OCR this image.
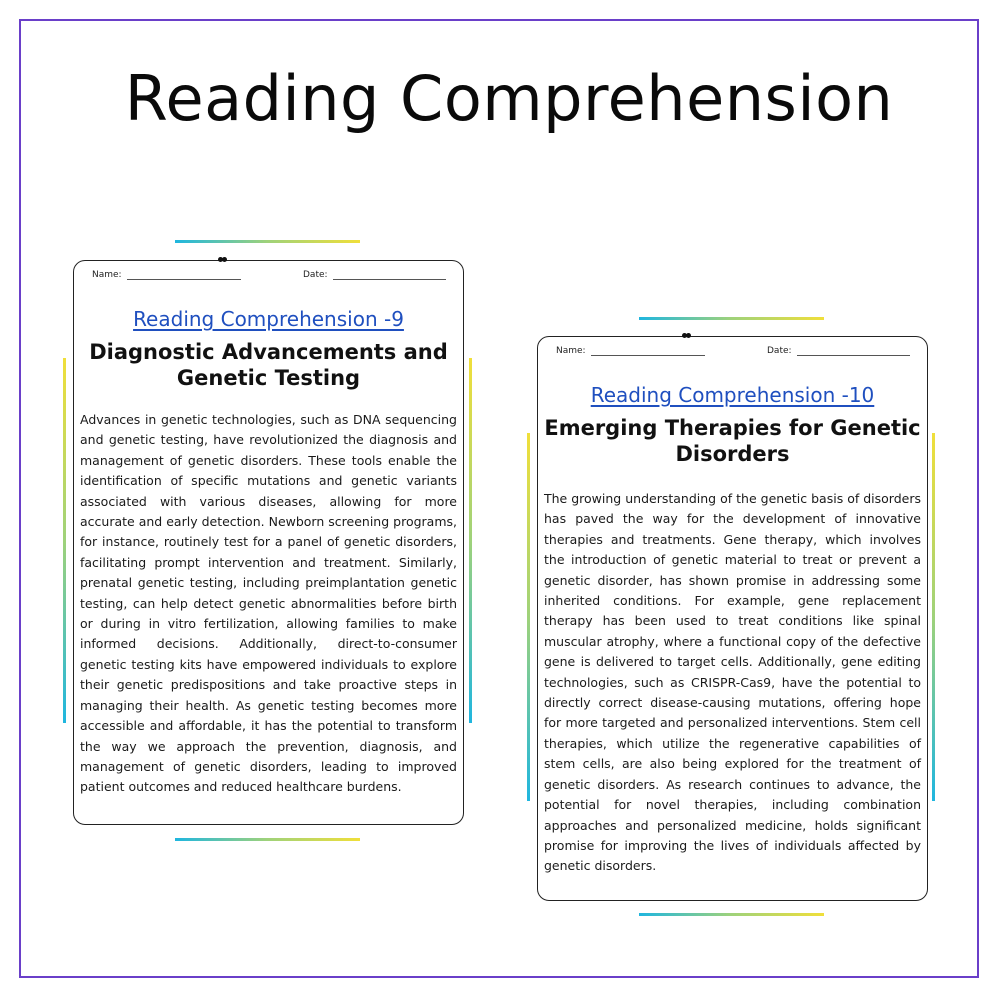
Reading Comprehension
Name:	Date:
Reading Comprehension -9
Diagnostic Advancements and Genetic Testing

Advances in genetic technologies, such as DNA sequencing and genetic testing, have revolutionized the diagnosis and management of genetic disorders. These tools enable the identification of specific mutations and genetic variants associated with various diseases, allowing for more accurate and early detection. Newborn screening programs, for instance, routinely test for a panel of genetic disorders, facilitating prompt intervention and treatment. Similarly, prenatal genetic testing, including preimplantation genetic testing, can help detect genetic abnormalities before birth or during in vitro fertilization, allowing families to make informed decisions. Additionally, direct-to-consumer genetic testing kits have empowered individuals to explore their genetic predispositions and take proactive steps in managing their health. As genetic testing becomes more accessible and affordable, it has the potential to transform the way we approach the prevention, diagnosis, and management of genetic disorders, leading to improved patient outcomes and reduced healthcare burdens.

Name:	Date:
Reading Comprehension -10
Emerging Therapies for Genetic Disorders

The growing understanding of the genetic basis of disorders has paved the way for the development of innovative therapies and treatments. Gene therapy, which involves the introduction of genetic material to treat or prevent a genetic disorder, has shown promise in addressing some inherited conditions. For example, gene replacement therapy has been used to treat conditions like spinal muscular atrophy, where a functional copy of the defective gene is delivered to target cells. Additionally, gene editing technologies, such as CRISPR-Cas9, have the potential to directly correct disease-causing mutations, offering hope for more targeted and personalized interventions. Stem cell therapies, which utilize the regenerative capabilities of stem cells, are also being explored for the treatment of genetic disorders. As research continues to advance, the potential for novel therapies, including combination approaches and personalized medicine, holds significant promise for improving the lives of individuals affected by genetic disorders.
